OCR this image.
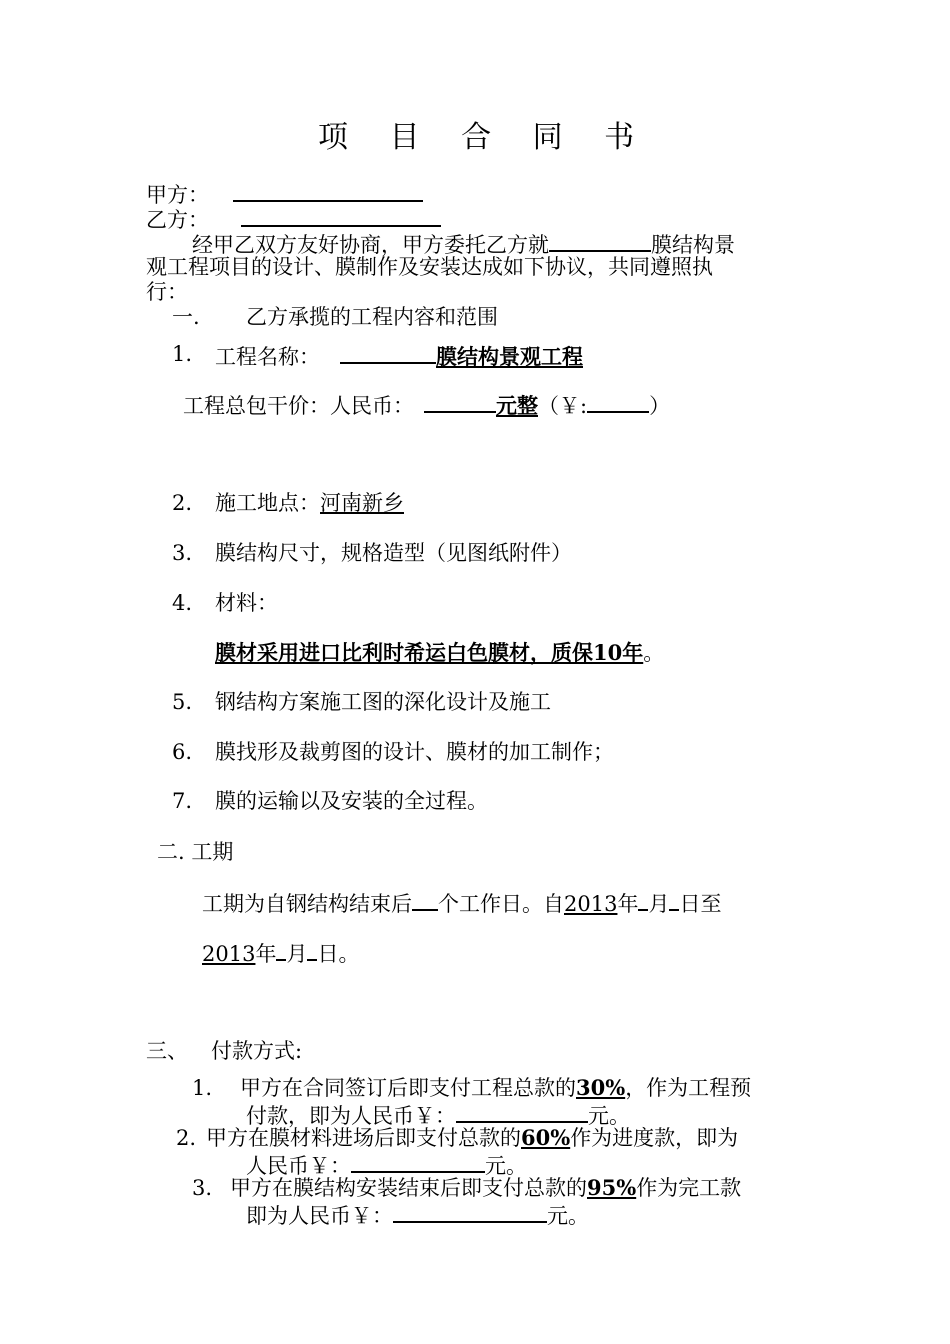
项 目 合 同 书
甲方：
乙方：
经甲乙双方友好协商，甲方委托乙方就	膜结构景
观工程项目的设计、膜制作及安装达成如下协议，共同遵照执
行：
一. 乙方承揽的工程内容和范围
1. 工程名称：	膜结构景观工程
工程总包干价：人民币：	元整（￥:	）
2. 施工地点：河南新乡
3. 膜结构尺寸，规格造型（见图纸附件）
4. 材料：
膜材采用进口比利时希运白色膜材，质保10年。
5. 钢结构方案施工图的深化设计及施工
6. 膜找形及裁剪图的设计、膜材的加工制作；
7. 膜的运输以及安装的全过程。
二. 工期
工期为自钢结构结束后 个工作日。自2013年 月 日至
2013年 月 日。
三、 付款方式:
1. 甲方在合同签订后即支付工程总款的30%，作为工程预
付款，即为人民币￥：	元。
2. 甲方在膜材料进场后即支付总款的60%作为进度款，即为
人民币￥：	元。
3. 甲方在膜结构安装结束后即支付总款的95%作为完工款
即为人民币￥：	元。
